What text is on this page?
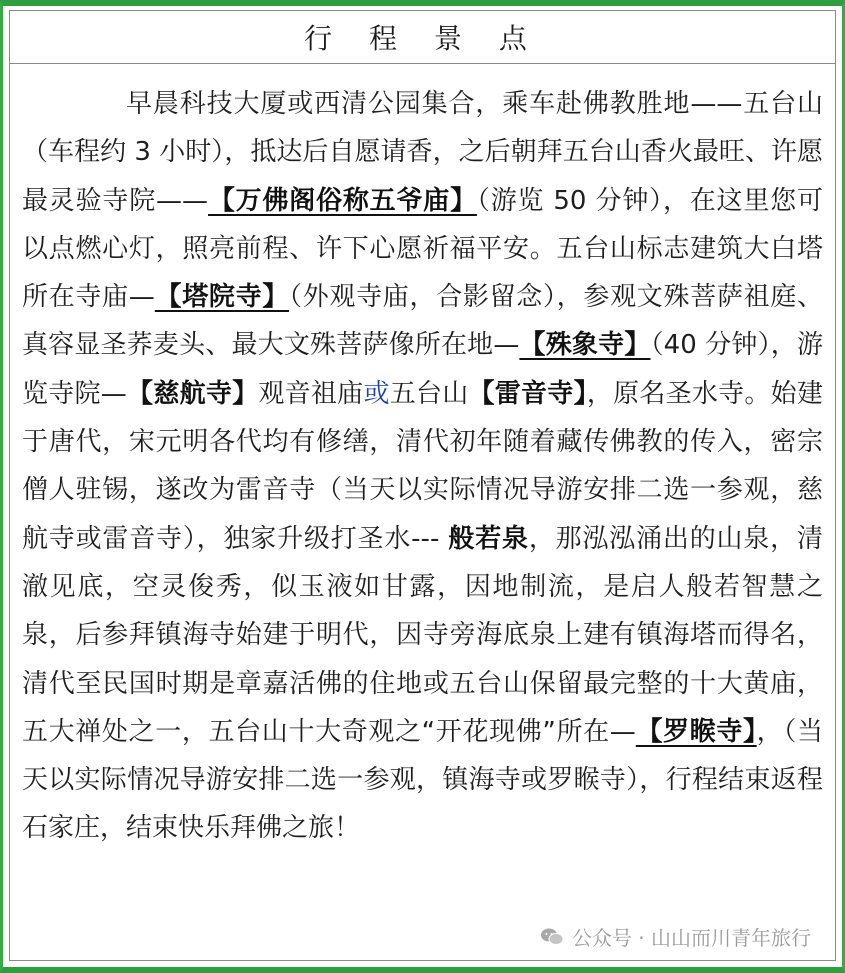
行 程 景 点
早晨科技大厦或西清公园集合，乘车赴佛教胜地——五台山（车程约 3 小时），抵达后自愿请香，之后朝拜五台山香火最旺、许愿最灵验寺院——【万佛阁俗称五爷庙】（游览 50 分钟），在这里您可以点燃心灯，照亮前程、许下心愿祈福平安。五台山标志建筑大白塔所在寺庙—【塔院寺】（外观寺庙，合影留念），参观文殊菩萨祖庭、真容显圣荞麦头、最大文殊菩萨像所在地—【殊象寺】（40 分钟），游览寺院—【慈航寺】观音祖庙或五台山【雷音寺】，原名圣水寺。始建于唐代，宋元明各代均有修缮，清代初年随着藏传佛教的传入，密宗僧人驻锡，遂改为雷音寺（当天以实际情况导游安排二选一参观，慈航寺或雷音寺），独家升级打圣水--- 般若泉，那泓泓涌出的山泉，清澈见底，空灵俊秀，似玉液如甘露，因地制流，是启人般若智慧之泉，后参拜镇海寺始建于明代，因寺旁海底泉上建有镇海塔而得名，清代至民国时期是章嘉活佛的住地或五台山保留最完整的十大黄庙，五大禅处之一，五台山十大奇观之“开花现佛”所在—【罗睺寺】，（当天以实际情况导游安排二选一参观，镇海寺或罗睺寺），行程结束返程石家庄，结束快乐拜佛之旅！
公众号 · 山山而川青年旅行
